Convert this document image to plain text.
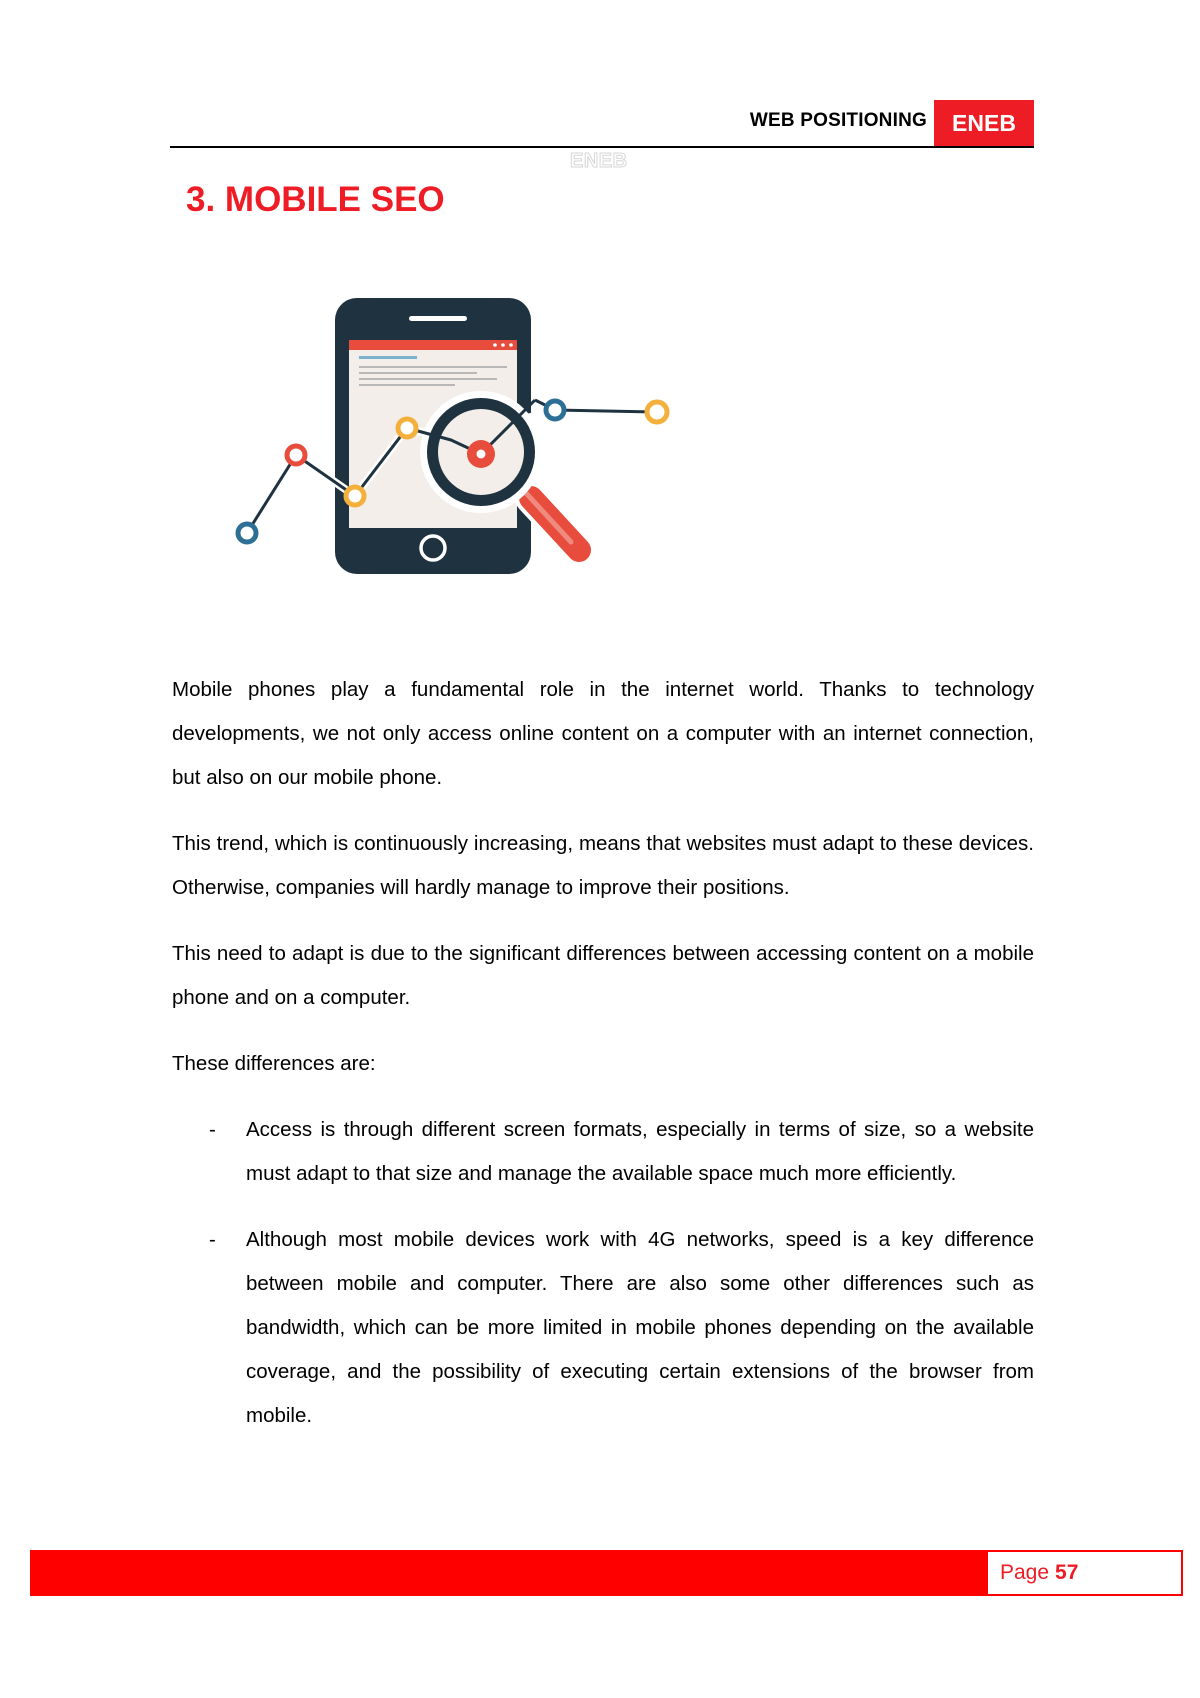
WEB POSITIONING	ENEB
ENEB
3. MOBILE SEO

Mobile phones play a fundamental role in the internet world. Thanks to technology developments, we not only access online content on a computer with an internet connection, but also on our mobile phone.

This trend, which is continuously increasing, means that websites must adapt to these devices. Otherwise, companies will hardly manage to improve their positions.

This need to adapt is due to the significant differences between accessing content on a mobile phone and on a computer.

These differences are:

- Access is through different screen formats, especially in terms of size, so a website must adapt to that size and manage the available space much more efficiently.
- Although most mobile devices work with 4G networks, speed is a key difference between mobile and computer. There are also some other differences such as bandwidth, which can be more limited in mobile phones depending on the available coverage, and the possibility of executing certain extensions of the browser from mobile.
Page 57
